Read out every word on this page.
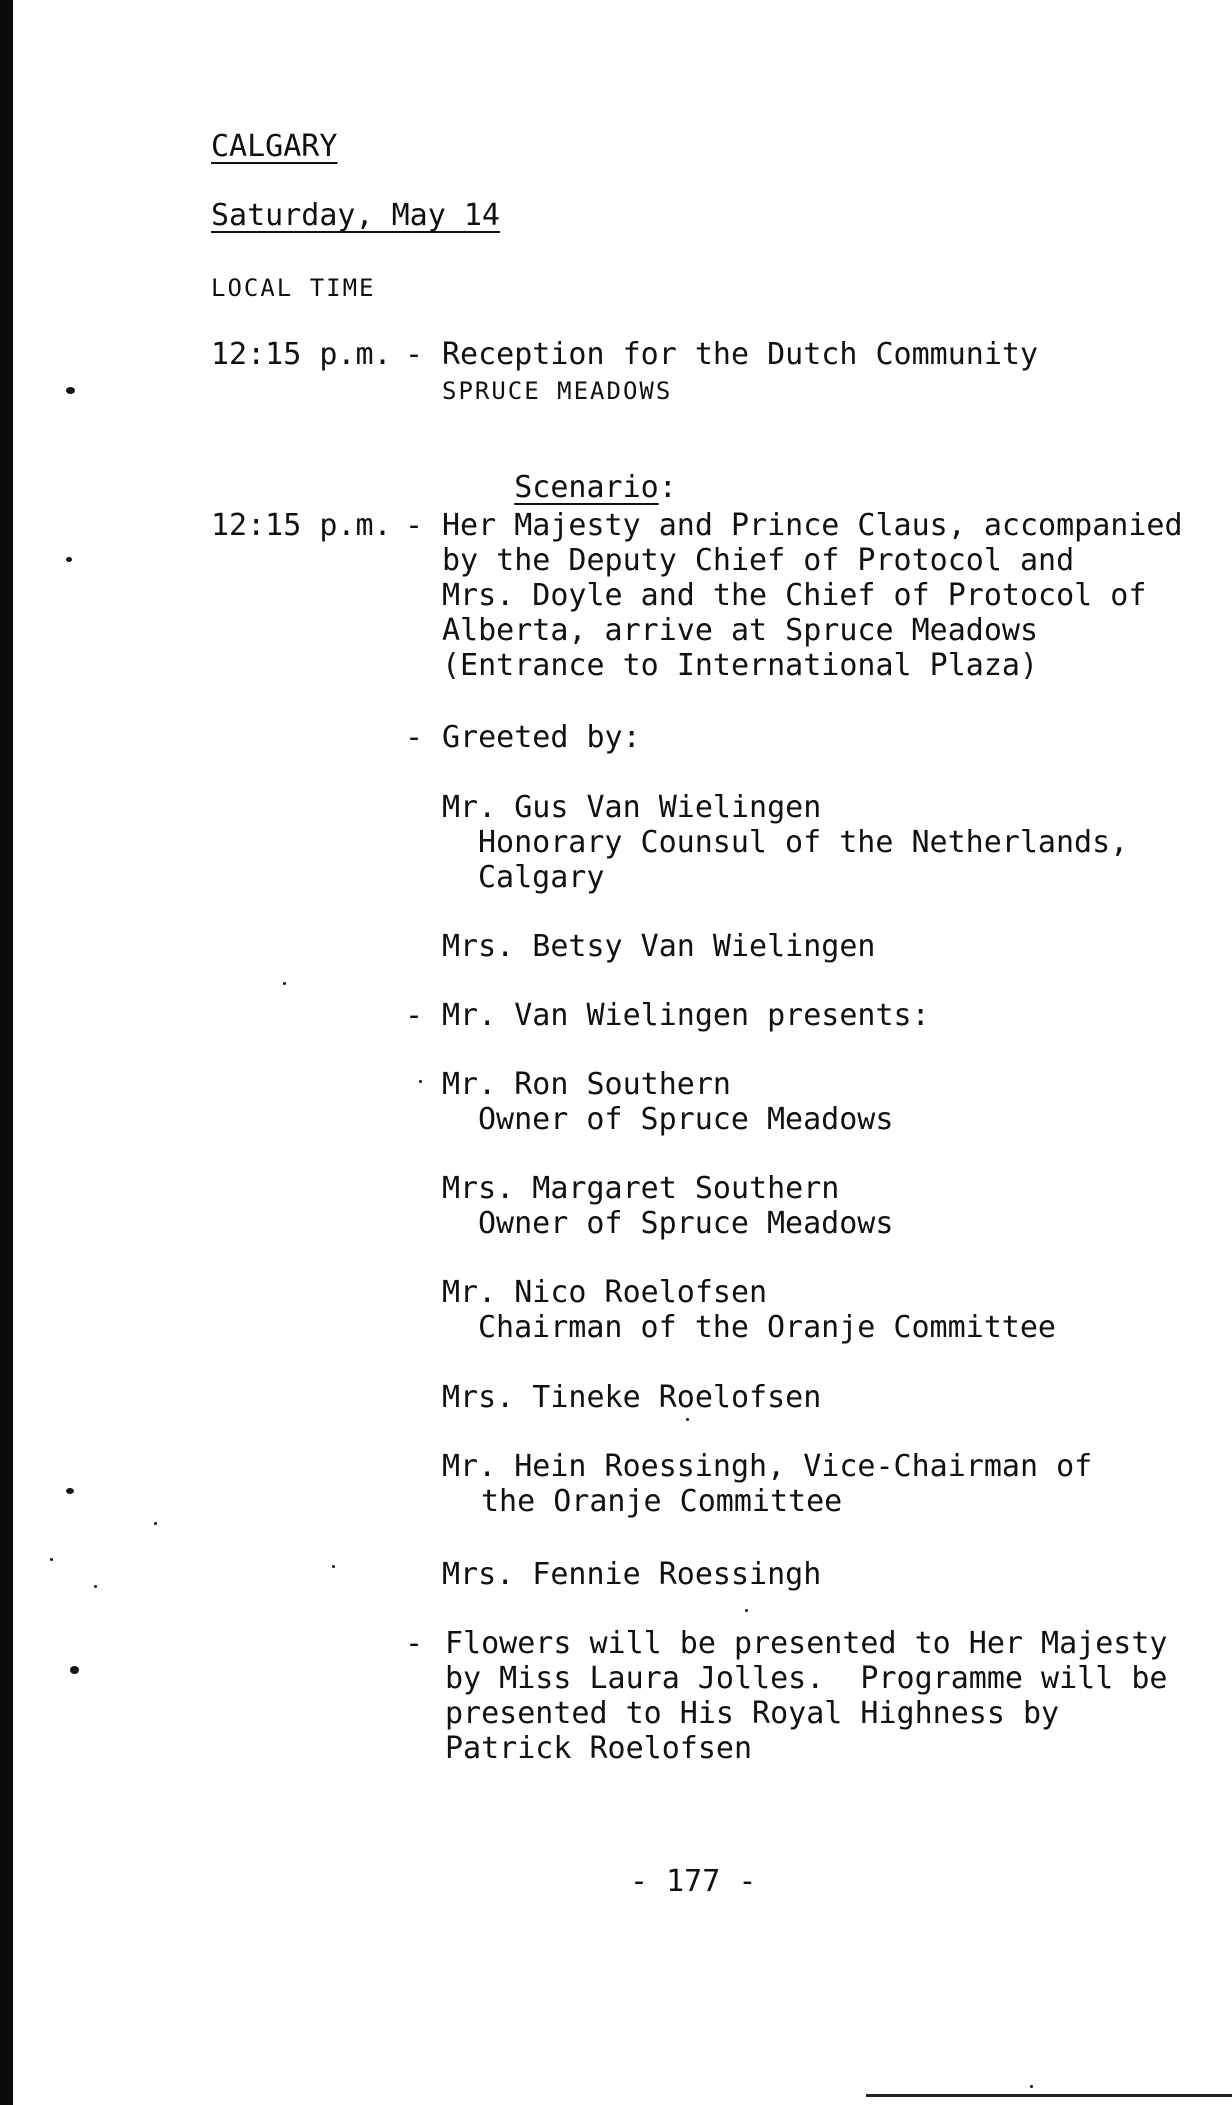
CALGARY
Saturday, May 14
LOCAL TIME
12:15 p.m. - Reception for the Dutch Community
SPRUCE MEADOWS

Scenario:

12:15 p.m. - Her Majesty and Prince Claus, accompanied
by the Deputy Chief of Protocol and
Mrs. Doyle and the Chief of Protocol of
Alberta, arrive at Spruce Meadows
(Entrance to International Plaza)
- Greeted by:
Mr. Gus Van Wielingen
Honorary Counsul of the Netherlands,
Calgary
Mrs. Betsy Van Wielingen
- Mr. Van Wielingen presents:
Mr. Ron Southern
Owner of Spruce Meadows
Mrs. Margaret Southern
Owner of Spruce Meadows
Mr. Nico Roelofsen
Chairman of the Oranje Committee
Mrs. Tineke Roelofsen
Mr. Hein Roessingh, Vice-Chairman of
the Oranje Committee
Mrs. Fennie Roessingh
- Flowers will be presented to Her Majesty
by Miss Laura Jolles.  Programme will be
presented to His Royal Highness by
Patrick Roelofsen
- 177 -
